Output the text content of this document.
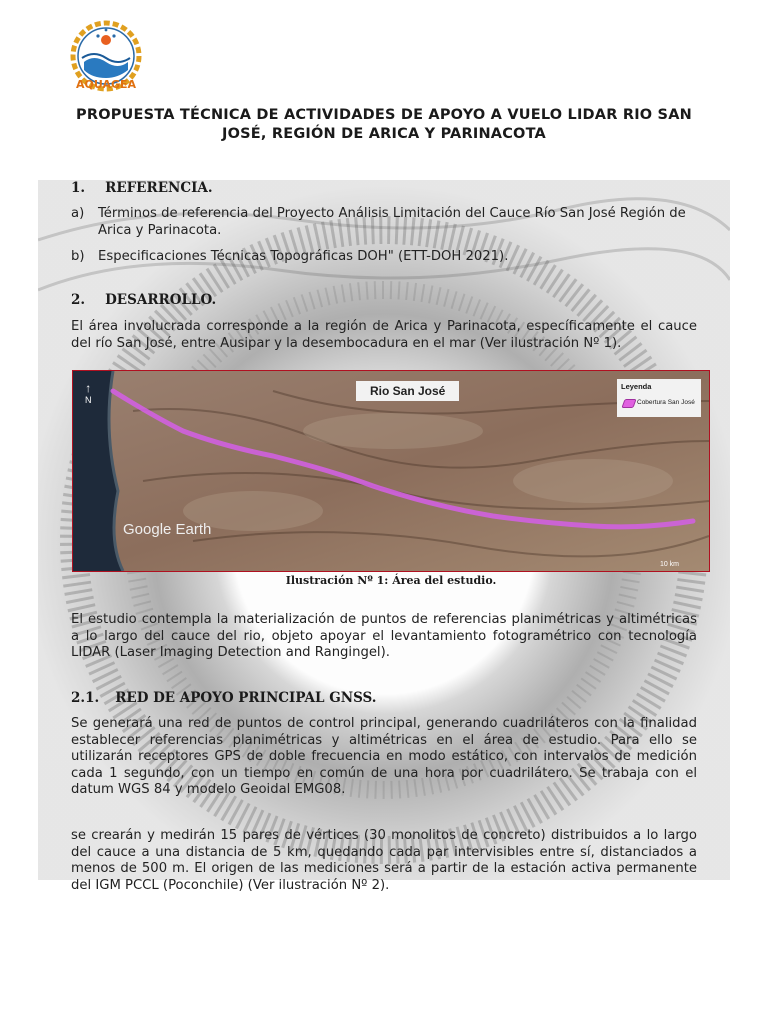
AQUAGEA
PROPUESTA TÉCNICA DE ACTIVIDADES DE APOYO A VUELO LIDAR RIO SAN JOSÉ, REGIÓN DE ARICA Y PARINACOTA
1. REFERENCIA.
a) Términos de referencia del Proyecto Análisis Limitación del Cauce Río San José Región de Arica y Parinacota.
b) Especificaciones Técnicas Topográficas DOH" (ETT-DOH 2021).
2. DESARROLLO.
El área involucrada corresponde a la región de Arica y Parinacota, específicamente el cauce del río San José, entre Ausipar y la desembocadura en el mar (Ver ilustración Nº 1).
El estudio contempla la materialización de puntos de referencias planimétricas y altimétricas a lo largo del cauce del rio, objeto apoyar el levantamiento fotogramétrico con tecnología LIDAR (Laser Imaging Detection and Rangingel).
2.1. RED DE APOYO PRINCIPAL GNSS.
Se generará una red de puntos de control principal, generando cuadriláteros con la finalidad establecer referencias planimétricas y altimétricas en el área de estudio. Para ello se utilizarán receptores GPS de doble frecuencia en modo estático, con intervalos de medición cada 1 segundo, con un tiempo en común de una hora por cuadrilátero. Se trabaja con el datum WGS 84 y modelo Geoidal EMG08.
se crearán y medirán 15 pares de vértices (30 monolitos de concreto) distribuidos a lo largo del cauce a una distancia de 5 km, quedando cada par intervisibles entre sí, distanciados a menos de 500 m. El origen de las mediciones será a partir de la estación activa permanente del IGM PCCL (Poconchile) (Ver ilustración Nº 2).
↑
N
Rio San José	Leyenda
Cobertura San José
Google Earth
10 km
Ilustración Nº 1: Área del estudio.
